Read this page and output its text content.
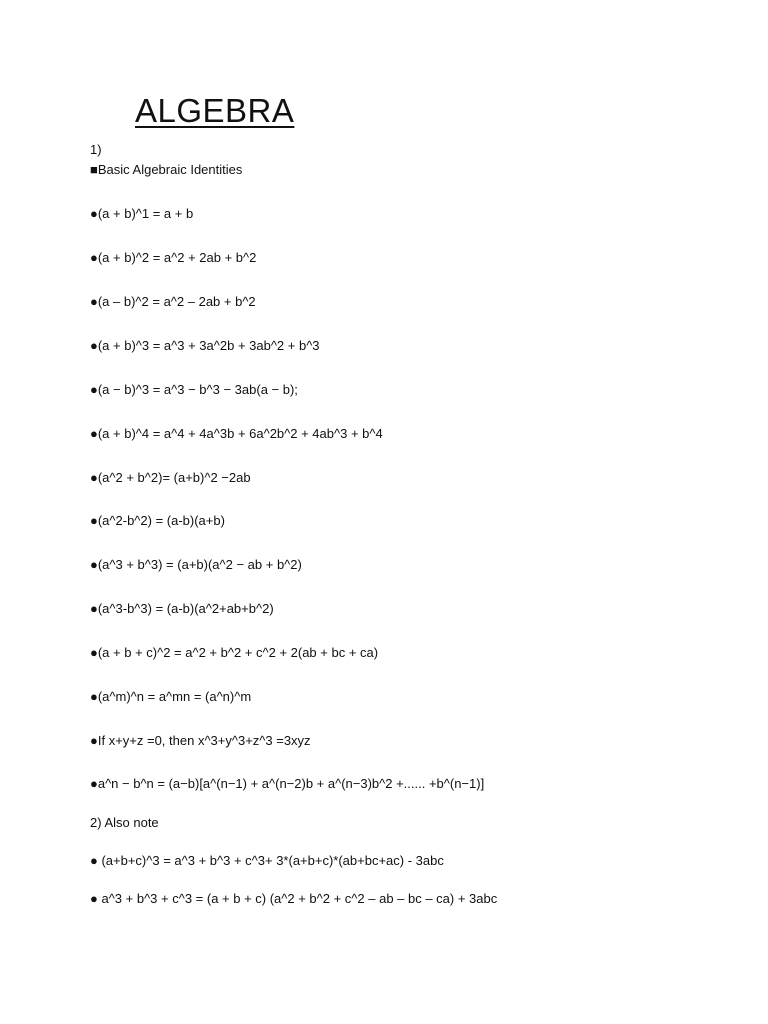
ALGEBRA
1)
■Basic Algebraic Identities
●(a + b)^1 = a + b
●(a + b)^2 = a^2 + 2ab + b^2
●(a – b)^2 = a^2 – 2ab + b^2
●(a + b)^3 = a^3 + 3a^2b + 3ab^2 + b^3
●(a − b)^3 = a^3 − b^3 − 3ab(a − b);
●(a + b)^4 = a^4 + 4a^3b + 6a^2b^2 + 4ab^3 + b^4
●(a^2 + b^2)= (a+b)^2 −2ab
●(a^2-b^2) = (a-b)(a+b)
●(a^3 + b^3) = (a+b)(a^2 − ab + b^2)
●(a^3-b^3) = (a-b)(a^2+ab+b^2)
●(a + b + c)^2 = a^2 + b^2 + c^2 + 2(ab + bc + ca)
●(a^m)^n = a^mn = (a^n)^m
●If x+y+z =0, then x^3+y^3+z^3 =3xyz
●a^n − b^n = (a−b)[a^(n−1) + a^(n−2)b + a^(n−3)b^2 +...... +b^(n−1)]
2) Also note
● (a+b+c)^3 = a^3 + b^3 + c^3+ 3*(a+b+c)*(ab+bc+ac) - 3abc
● a^3 + b^3 + c^3 = (a + b + c) (a^2 + b^2 + c^2 – ab – bc – ca) + 3abc
